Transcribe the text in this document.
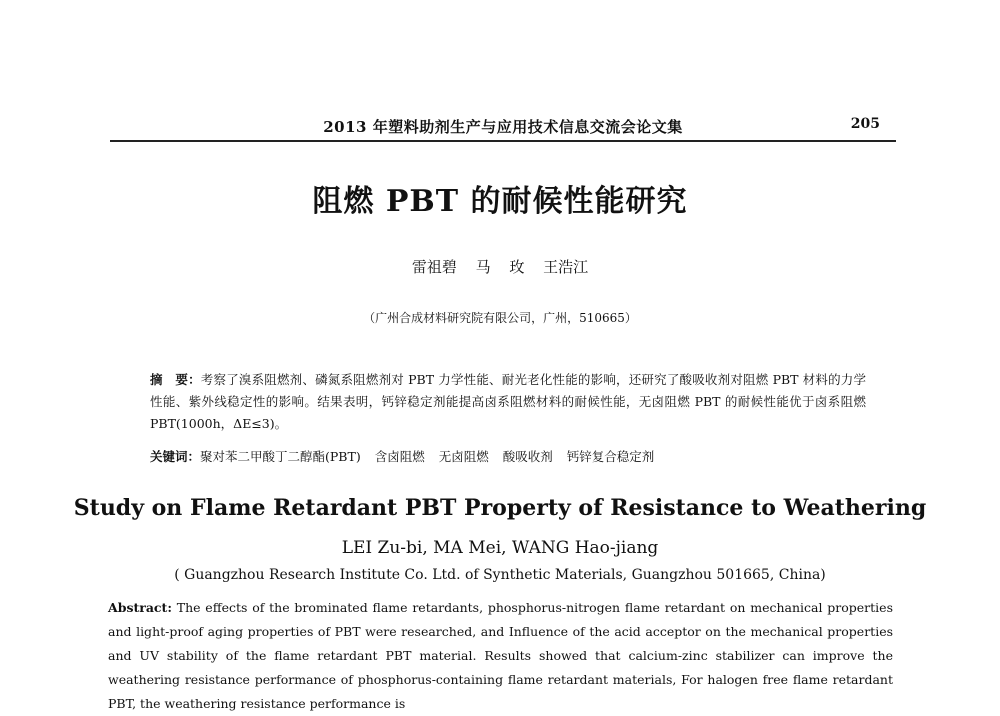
2013 年塑料助剂生产与应用技术信息交流会论文集	205
阻燃 PBT 的耐候性能研究
雷祖碧 马 玫 王浩江
（广州合成材料研究院有限公司，广州，510665）
摘　要：考察了溴系阻燃剂、磷氮系阻燃剂对 PBT 力学性能、耐光老化性能的影响，还研究了酸吸收剂对阻燃 PBT 材料的力学性能、紫外线稳定性的影响。结果表明，钙锌稳定剂能提高卤系阻燃材料的耐候性能，无卤阻燃 PBT 的耐候性能优于卤系阻燃 PBT(1000h，ΔE≤3)。
关键词：聚对苯二甲酸丁二醇酯(PBT) 含卤阻燃 无卤阻燃 酸吸收剂 钙锌复合稳定剂
Study on Flame Retardant PBT Property of Resistance to Weathering
LEI Zu-bi, MA Mei, WANG Hao-jiang
( Guangzhou Research Institute Co. Ltd. of Synthetic Materials, Guangzhou 501665, China)
Abstract: The effects of the brominated flame retardants, phosphorus-nitrogen flame retardant on mechanical properties and light-proof aging properties of PBT were researched, and Influence of the acid acceptor on the mechanical properties and UV stability of the flame retardant PBT material. Results showed that calcium-zinc stabilizer can improve the weathering resistance performance of phosphorus-containing flame retardant materials, For halogen free flame retardant PBT, the weathering resistance performance is
